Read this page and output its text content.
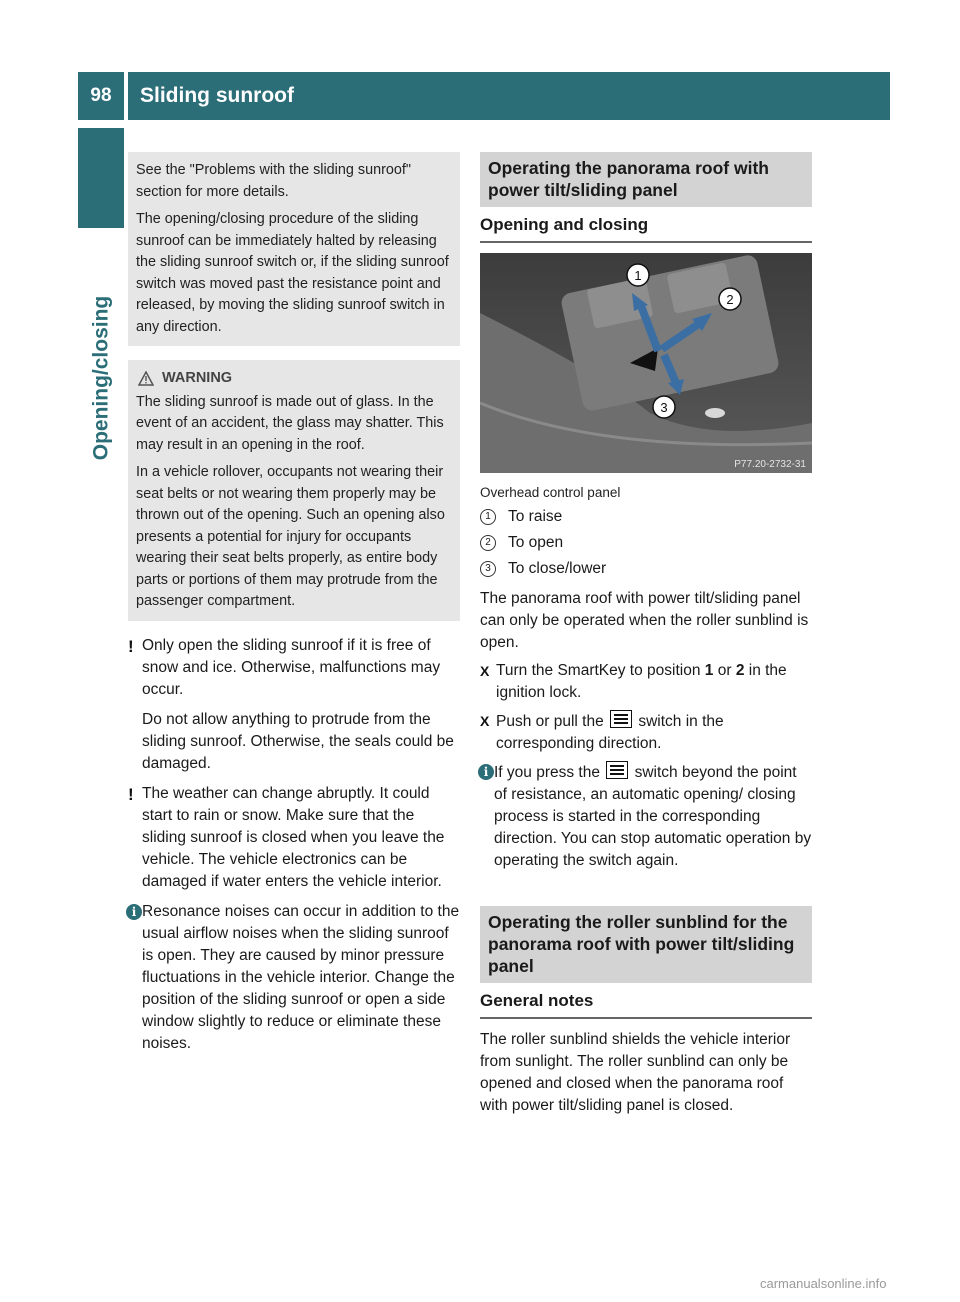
98	Sliding sunroof
Opening/closing

See the "Problems with the sliding sunroof" section for more details.

The opening/closing procedure of the sliding sunroof can be immediately halted by releasing the sliding sunroof switch or, if the sliding sunroof switch was moved past the resistance point and released, by moving the sliding sunroof switch in any direction.

WARNING

The sliding sunroof is made out of glass. In the event of an accident, the glass may shatter. This may result in an opening in the roof.

In a vehicle rollover, occupants not wearing their seat belts or not wearing them properly may be thrown out of the opening. Such an opening also presents a potential for injury for occupants wearing their seat belts properly, as entire body parts or portions of them may protrude from the passenger compartment.

! Only open the sliding sunroof if it is free of snow and ice. Otherwise, malfunctions may occur.

Do not allow anything to protrude from the sliding sunroof. Otherwise, the seals could be damaged.

! The weather can change abruptly. It could start to rain or snow. Make sure that the sliding sunroof is closed when you leave the vehicle. The vehicle electronics can be damaged if water enters the vehicle interior.

i Resonance noises can occur in addition to the usual airflow noises when the sliding sunroof is open. They are caused by minor pressure fluctuations in the vehicle interior. Change the position of the sliding sunroof or open a side window slightly to reduce or eliminate these noises.

Operating the panorama roof with power tilt/sliding panel
Opening and closing
1
2
3
P77.20-2732-31
Overhead control panel
1	To raise
2	To open
3	To close/lower

The panorama roof with power tilt/sliding panel can only be operated when the roller sunblind is open.

X Turn the SmartKey to position 1 or 2 in the ignition lock.
X Push or pull the
switch in the corresponding direction.
i If you press the
switch beyond the point of resistance, an automatic opening/ closing process is started in the corresponding direction. You can stop automatic operation by operating the switch again.
Operating the roller sunblind for the panorama roof with power tilt/sliding panel
General notes

The roller sunblind shields the vehicle interior from sunlight. The roller sunblind can only be opened and closed when the panorama roof with power tilt/sliding panel is closed.

carmanualsonline.info
